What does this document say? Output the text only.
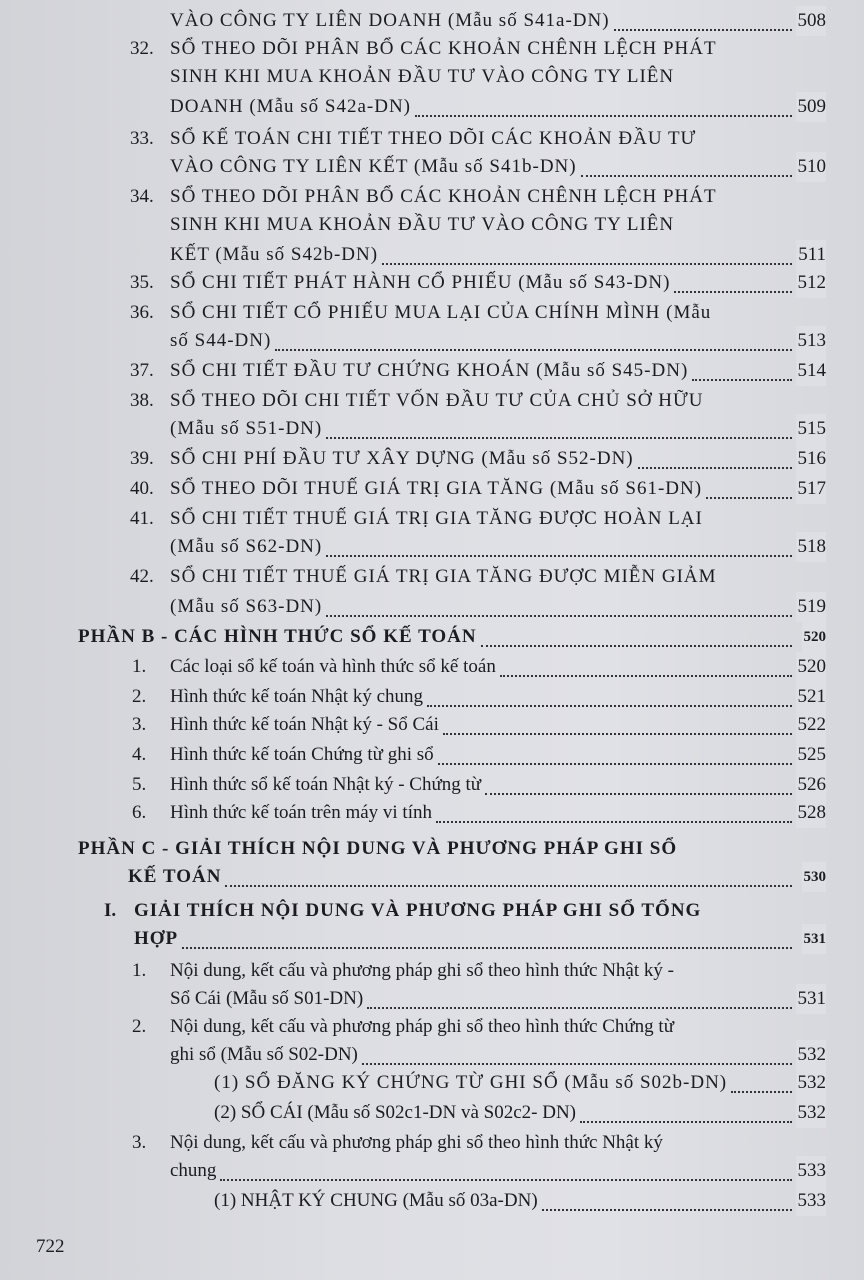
VÀO CÔNG TY LIÊN DOANH (Mẫu số S41a-DN)	508
32. SỔ THEO DÕI PHÂN BỔ CÁC KHOẢN CHÊNH LỆCH PHÁT
SINH KHI MUA KHOẢN ĐẦU TƯ VÀO CÔNG TY LIÊN
DOANH (Mẫu số S42a-DN)	509
33. SỔ KẾ TOÁN CHI TIẾT THEO DÕI CÁC KHOẢN ĐẦU TƯ
VÀO CÔNG TY LIÊN KẾT (Mẫu số S41b-DN)	510
34. SỔ THEO DÕI PHÂN BỔ CÁC KHOẢN CHÊNH LỆCH PHÁT
SINH KHI MUA KHOẢN ĐẦU TƯ VÀO CÔNG TY LIÊN
KẾT (Mẫu số S42b-DN)	511
35. SỔ CHI TIẾT PHÁT HÀNH CỔ PHIẾU (Mẫu số S43-DN)	512
36. SỔ CHI TIẾT CỔ PHIẾU MUA LẠI CỦA CHÍNH MÌNH (Mẫu
số S44-DN)	513
37. SỔ CHI TIẾT ĐẦU TƯ CHỨNG KHOÁN (Mẫu số S45-DN)	514
38. SỔ THEO DÕI CHI TIẾT VỐN ĐẦU TƯ CỦA CHỦ SỞ HỮU
(Mẫu số S51-DN)	515
39. SỔ CHI PHÍ ĐẦU TƯ XÂY DỰNG (Mẫu số S52-DN)	516
40. SỔ THEO DÕI THUẾ GIÁ TRỊ GIA TĂNG (Mẫu số S61-DN)	517
41. SỔ CHI TIẾT THUẾ GIÁ TRỊ GIA TĂNG ĐƯỢC HOÀN LẠI
(Mẫu số S62-DN)	518
42. SỔ CHI TIẾT THUẾ GIÁ TRỊ GIA TĂNG ĐƯỢC MIỄN GIẢM
(Mẫu số S63-DN)	519
PHẦN B - CÁC HÌNH THỨC SỔ KẾ TOÁN	520
1. Các loại sổ kế toán và hình thức sổ kế toán	520
2. Hình thức kế toán Nhật ký chung	521
3. Hình thức kế toán Nhật ký - Sổ Cái	522
4. Hình thức kế toán Chứng từ ghi sổ	525
5. Hình thức sổ kế toán Nhật ký - Chứng từ	526
6. Hình thức kế toán trên máy vi tính	528
PHẦN C - GIẢI THÍCH NỘI DUNG VÀ PHƯƠNG PHÁP GHI SỔ
KẾ TOÁN	530
I. GIẢI THÍCH NỘI DUNG VÀ PHƯƠNG PHÁP GHI SỔ TỔNG
HỢP	531
1. Nội dung, kết cấu và phương pháp ghi sổ theo hình thức Nhật ký -
Sổ Cái (Mẫu số S01-DN)	531
2. Nội dung, kết cấu và phương pháp ghi sổ theo hình thức Chứng từ
ghi sổ (Mẫu số S02-DN)	532
(1) SỔ ĐĂNG KÝ CHỨNG TỪ GHI SỔ (Mẫu số S02b-DN)	532
(2) SỔ CÁI (Mẫu số S02c1-DN và S02c2- DN)	532
3. Nội dung, kết cấu và phương pháp ghi sổ theo hình thức Nhật ký
chung	533
(1) NHẬT KÝ CHUNG (Mẫu số 03a-DN)	533
722
